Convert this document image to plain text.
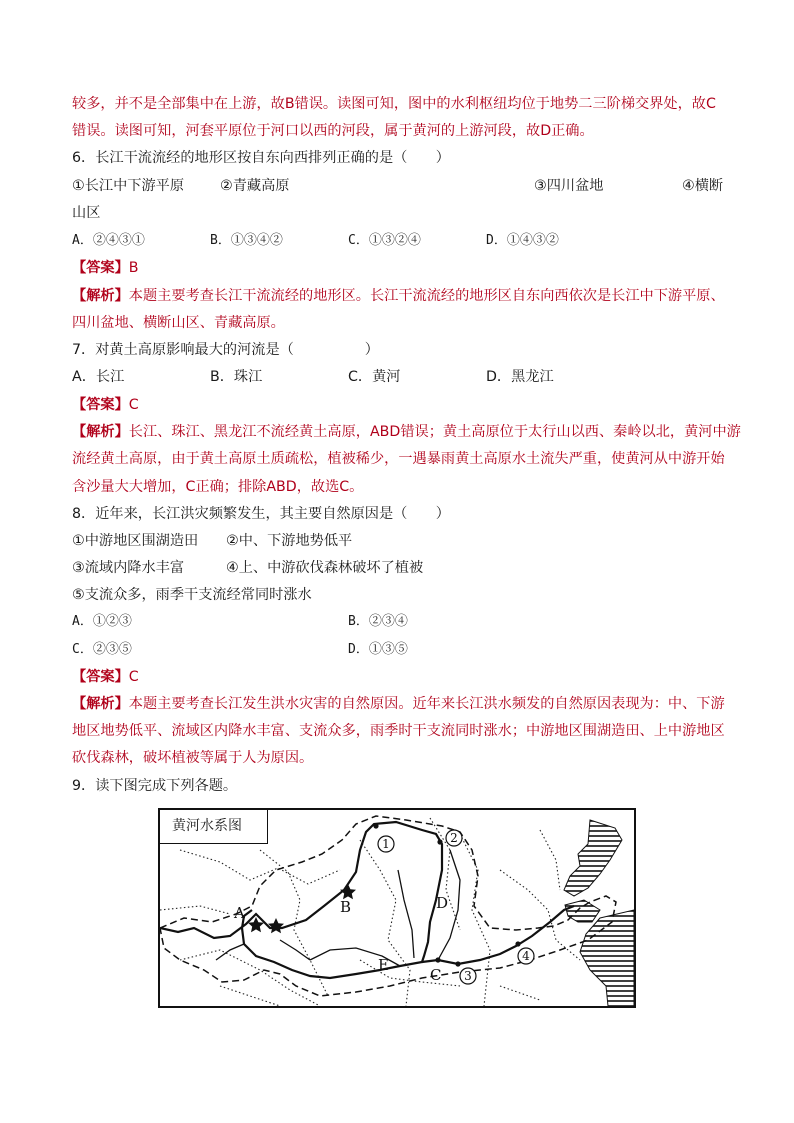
较多，并不是全部集中在上游，故B错误。读图可知，图中的水利枢纽均位于地势二三阶梯交界处，故C
错误。读图可知，河套平原位于河口以西的河段，属于黄河的上游河段，故D正确。
6．长江干流流经的地形区按自东向西排列正确的是（　　）
①长江中下游平原	②青藏高原	③四川盆地	④横断
山区
A．②④③①	B．①③④②	C．①③②④	D．①④③②
【答案】B
【解析】本题主要考查长江干流流经的地形区。长江干流流经的地形区自东向西依次是长江中下游平原、
四川盆地、横断山区、青藏高原。
7．对黄土高原影响最大的河流是（　　　　　）
A．长江	B．珠江	C．黄河	D．黑龙江
【答案】C
【解析】长江、珠江、黑龙江不流经黄土高原，ABD错误；黄土高原位于太行山以西、秦岭以北，黄河中游
流经黄土高原，由于黄土高原土质疏松，植被稀少，一遇暴雨黄土高原水土流失严重，使黄河从中游开始
含沙量大大增加，C正确；排除ABD，故选C。
8．近年来，长江洪灾频繁发生，其主要自然原因是（　　）
①中游地区围湖造田 ②中、下游地势低平
③流域内降水丰富	④上、中游砍伐森林破坏了植被
⑤支流众多，雨季干支流经常同时涨水
A．①②③	B．②③④
C．②③⑤	D．①③⑤
【答案】C
【解析】本题主要考查长江发生洪水灾害的自然原因。近年来长江洪水频发的自然原因表现为：中、下游
地区地势低平、流域区内降水丰富、支流众多，雨季时干支流同时涨水；中游地区围湖造田、上中游地区
砍伐森林，破坏植被等属于人为原因。
9．读下图完成下列各题。
黄河水系图
1	2
3
4
A	B
C
D
E
